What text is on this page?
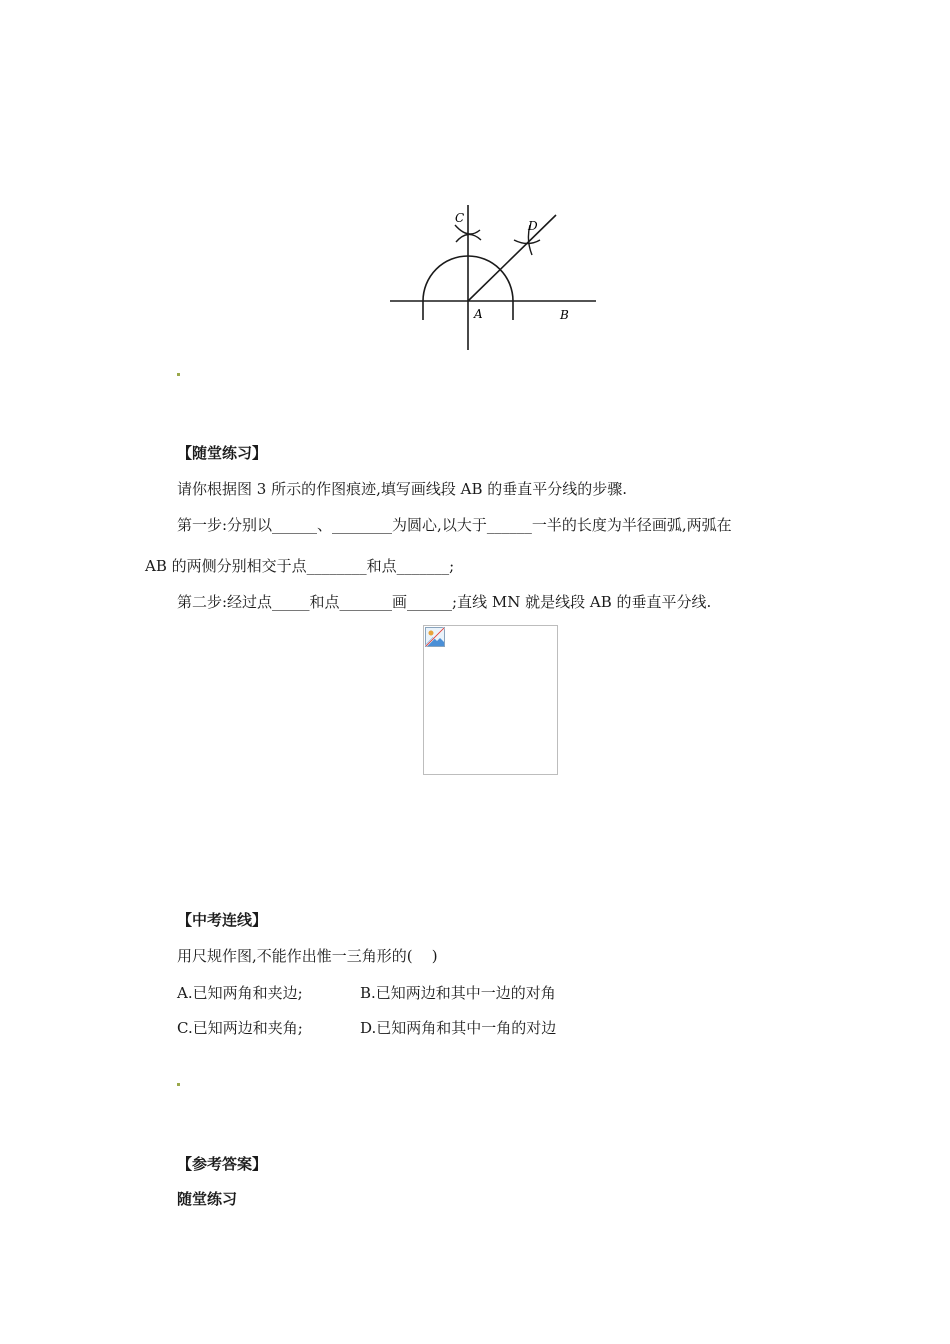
C
D
A	B
【随堂练习】
请你根据图 3 所示的作图痕迹,填写画线段 AB 的垂直平分线的步骤.
第一步:分别以______、________为圆心,以大于______一半的长度为半径画弧,两弧在
AB 的两侧分别相交于点________和点_______;
第二步:经过点_____和点_______画______;直线 MN 就是线段 AB 的垂直平分线.
【中考连线】
用尺规作图,不能作出惟一三角形的(    )
A.已知两角和夹边;	B.已知两边和其中一边的对角
C.已知两边和夹角;	D.已知两角和其中一角的对边
【参考答案】
随堂练习
